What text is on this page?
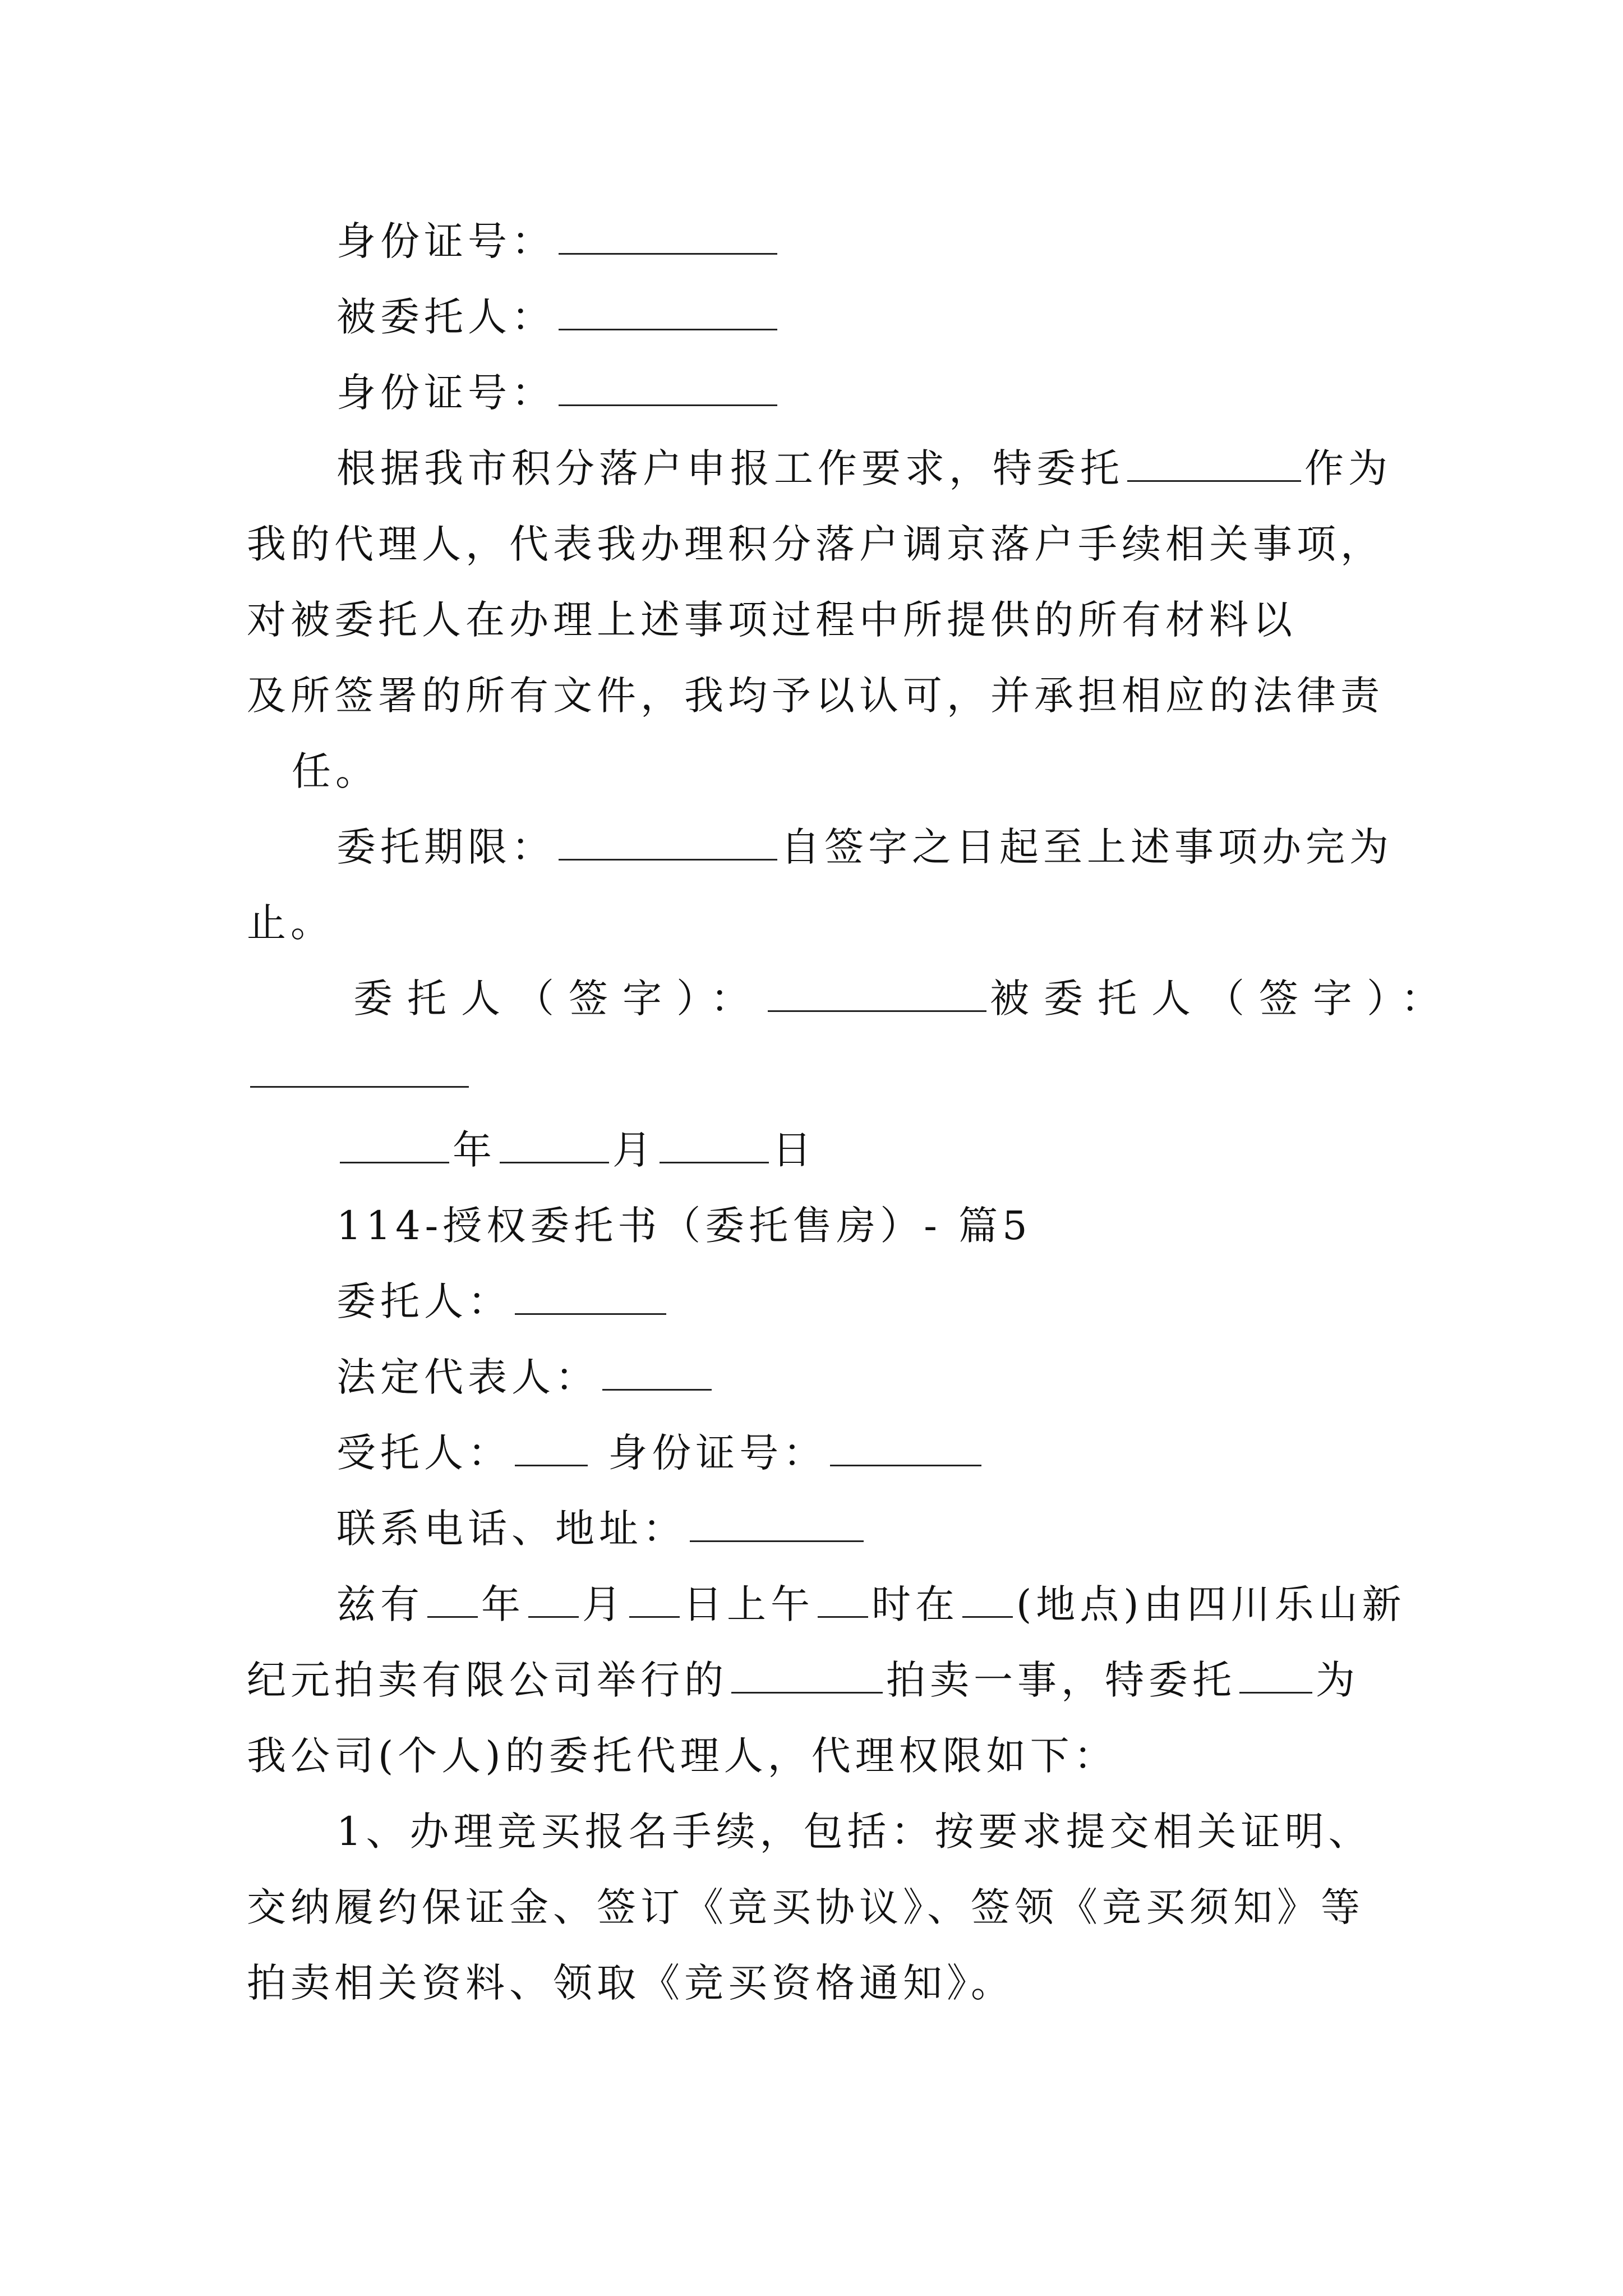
身份证号：
被委托人：
身份证号：
根据我市积分落户申报工作要求，特委托	作为
我的代理人，代表我办理积分落户调京落户手续相关事项，
对被委托人在办理上述事项过程中所提供的所有材料以
及所签署的所有文件，我均予以认可，并承担相应的法律责
任。
委托期限：	自签字之日起至上述事项办完为
止。
委托人（签字）：	被委托人（签字）：
年	月	日
114-授权委托书（委托售房）- 篇5
委托人：
法定代表人：
受托人： 身份证号：
联系电话、地址：
兹有 年 月 日上午 时在 (地点)由四川乐山新
纪元拍卖有限公司举行的	拍卖一事，特委托 为
我公司(个人)的委托代理人，代理权限如下：
1、办理竞买报名手续，包括：按要求提交相关证明、
交纳履约保证金、签订《竞买协议》、签领《竞买须知》等
拍卖相关资料、领取《竞买资格通知》。
